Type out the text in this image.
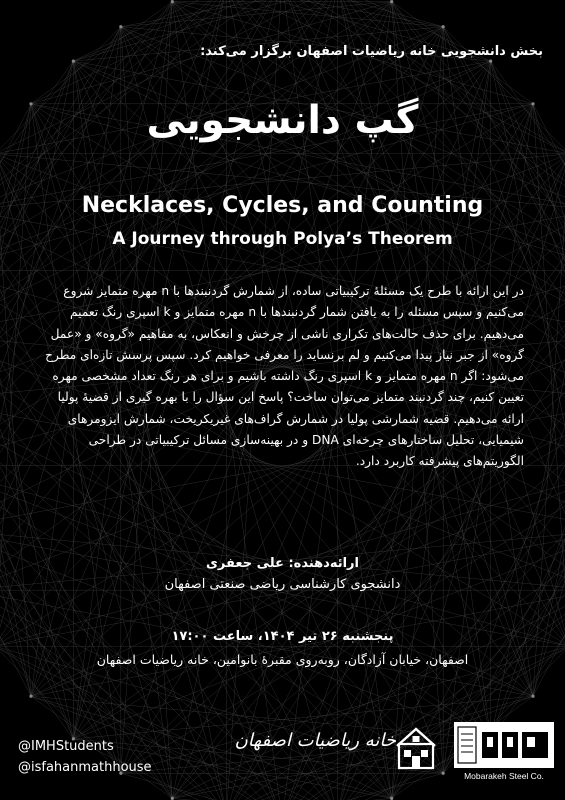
بخش دانشجویی خانه ریاضیات اصفهان برگزار می‌کند:
گپ دانشجویی
Necklaces, Cycles, and Counting
A Journey through Polya’s Theorem
در این ارائه با طرح یک مسئلهٔ ترکیبیاتی ساده، از شمارش گردنبندها با n مهره متمایز شروع می‌کنیم و سپس مسئله را به یافتن شمار گردنبندها با n مهره متمایز و k اسپری رنگ تعمیم می‌دهیم. برای حذف حالت‌های تکراری ناشی از چرخش و انعکاس، به مفاهیم «گروه» و «عمل گروه» از جبر نیاز پیدا می‌کنیم و لم برنساید را معرفی خواهیم کرد. سپس پرسش تازه‌ای مطرح می‌شود: اگر n مهره متمایز و k اسپری رنگ داشته باشیم و برای هر رنگ تعداد مشخصی مهره تعیین کنیم، چند گردنبند متمایز می‌توان ساخت؟ پاسخ این سؤال را با بهره گیری از قضیهٔ پولیا ارائه می‌دهیم. قضیه شمارشی پولیا در شمارش گراف‌های غیریکریخت، شمارش ایزومرهای شیمیایی، تحلیل ساختارهای چرخه‌ای DNA و در بهینه‌سازی مسائل ترکیبیاتی در طراحی الگوریتم‌های پیشرفته کاربرد دارد.
ارائه‌دهنده: علی جعفری
دانشجوی کارشناسی ریاضی صنعتی اصفهان
پنجشنبه ۲۶ تیر ۱۴۰۴، ساعت ۱۷:۰۰
اصفهان، خیابان آزادگان، روبه‌روی مقبرهٔ بانوامین، خانه ریاضیات اصفهان
@IMHStudents
@isfahanmathhouse
خانه ریاضیات اصفهان
Mobarakeh Steel Co.
